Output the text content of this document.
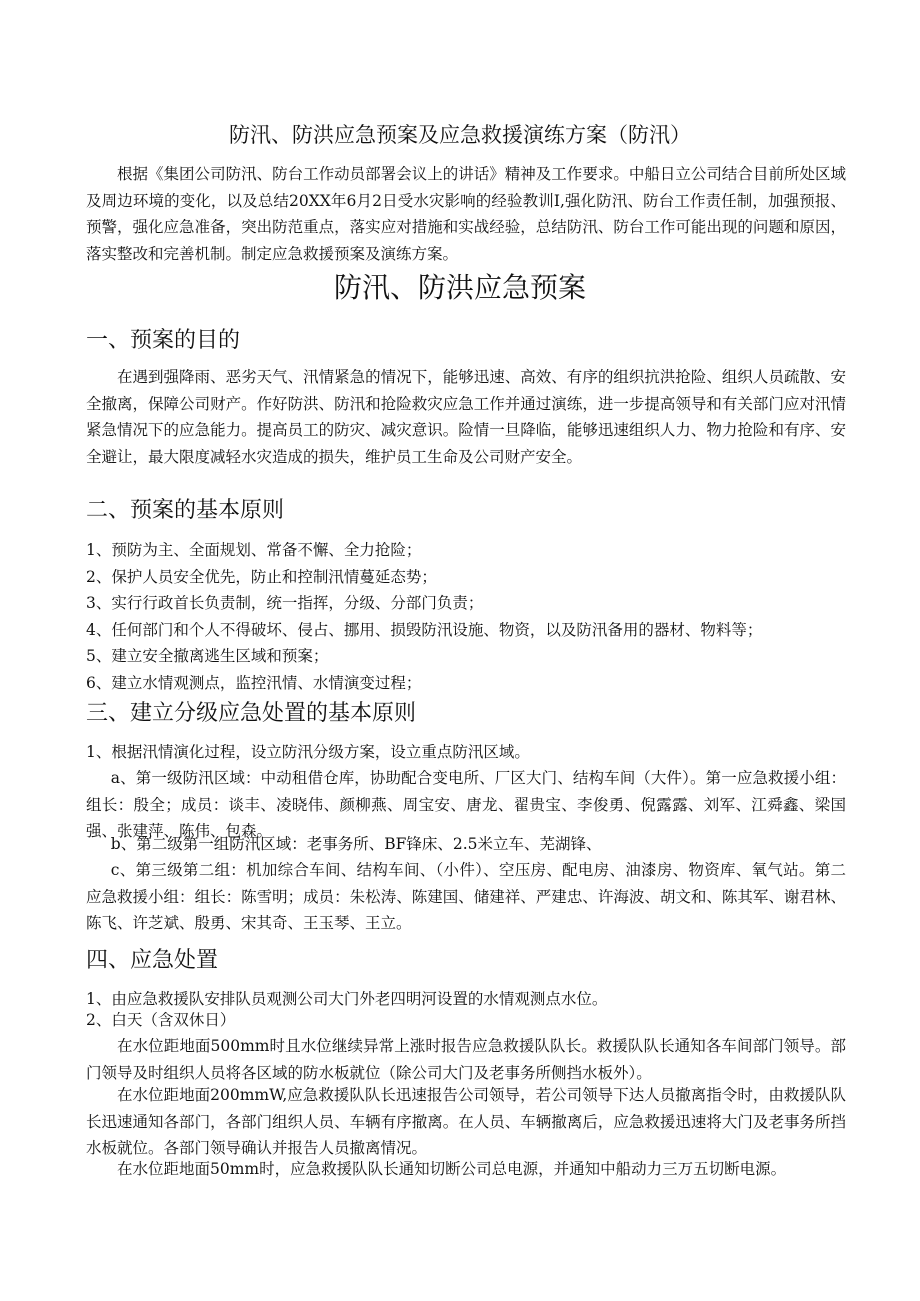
防汛、防洪应急预案及应急救援演练方案（防汛）

根据《集团公司防汛、防台工作动员部署会议上的讲话》精神及工作要求。中船日立公司结合目前所处区域及周边环境的变化，以及总结20XX年6月2日受水灾影响的经验教训I,强化防汛、防台工作责任制，加强预报、预警，强化应急准备，突出防范重点，落实应对措施和实战经验，总结防汛、防台工作可能出现的问题和原因，落实整改和完善机制。制定应急救援预案及演练方案。

防汛、防洪应急预案
一、预案的目的

在遇到强降雨、恶劣天气、汛情紧急的情况下，能够迅速、高效、有序的组织抗洪抢险、组织人员疏散、安全撤离，保障公司财产。作好防洪、防汛和抢险救灾应急工作并通过演练，进一步提高领导和有关部门应对汛情紧急情况下的应急能力。提高员工的防灾、减灾意识。险情一旦降临，能够迅速组织人力、物力抢险和有序、安全避让，最大限度减轻水灾造成的损失，维护员工生命及公司财产安全。

二、预案的基本原则
1、预防为主、全面规划、常备不懈、全力抢险；
2、保护人员安全优先，防止和控制汛情蔓延态势；
3、实行行政首长负责制，统一指挥，分级、分部门负责；
4、任何部门和个人不得破坏、侵占、挪用、损毁防汛设施、物资，以及防汛备用的器材、物料等；
5、建立安全撤离逃生区域和预案；
6、建立水情观测点，监控汛情、水情演变过程；
三、建立分级应急处置的基本原则

1、根据汛情演化过程，设立防汛分级方案，设立重点防汛区域。

a、第一级防汛区域：中动租借仓库，协助配合变电所、厂区大门、结构车间（大件）。第一应急救援小组：组长：殷全；成员：谈丰、凌晓伟、颜柳燕、周宝安、唐龙、翟贵宝、李俊勇、倪露露、刘军、江舜鑫、梁国强、张建萍、陈伟、包森。

b、第二级第一组防汛区域：老事务所、BF锋床、2.5米立车、芜湖锋、

c、第三级第二组：机加综合车间、结构车间、（小件）、空压房、配电房、油漆房、物资库、氧气站。第二应急救援小组：组长：陈雪明；成员：朱松涛、陈建国、储建祥、严建忠、许海波、胡文和、陈其军、谢君林、陈飞、许芝斌、殷勇、宋其奇、王玉琴、王立。

四、应急处置

1、由应急救援队安排队员观测公司大门外老四明河设置的水情观测点水位。

2、白天（含双休日）

在水位距地面500mm时且水位继续异常上涨时报告应急救援队队长。救援队队长通知各车间部门领导。部门领导及时组织人员将各区域的防水板就位（除公司大门及老事务所侧挡水板外）。

在水位距地面200mmW,应急救援队队长迅速报告公司领导，若公司领导下达人员撤离指令时，由救援队队长迅速通知各部门，各部门组织人员、车辆有序撤离。在人员、车辆撤离后，应急救援迅速将大门及老事务所挡水板就位。各部门领导确认并报告人员撤离情况。

在水位距地面50mm时，应急救援队队长通知切断公司总电源，并通知中船动力三万五切断电源。
